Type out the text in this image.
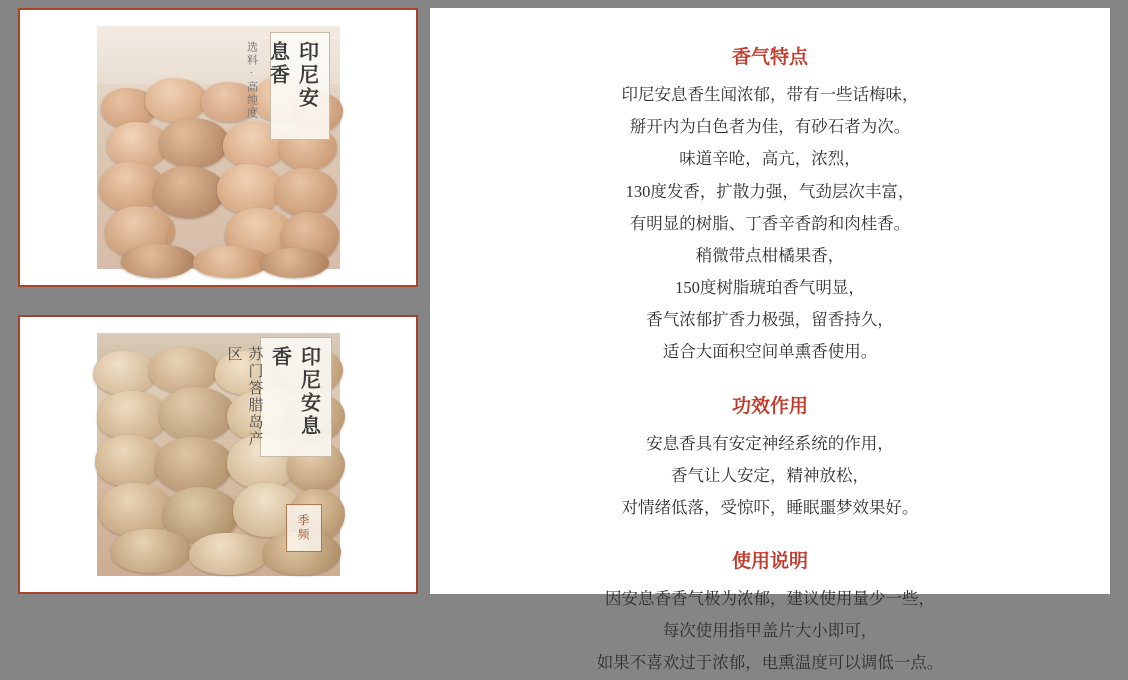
印尼安息香
选料·高纯度
印尼安息香
苏门答腊岛产区
季频
香气特点
印尼安息香生闻浓郁，带有一些话梅味，
掰开内为白色者为佳，有砂石者为次。
味道辛呛，高亢，浓烈，
130度发香，扩散力强，气劲层次丰富，
有明显的树脂、丁香辛香韵和肉桂香。
稍微带点柑橘果香，
150度树脂琥珀香气明显，
香气浓郁扩香力极强，留香持久，
适合大面积空间单熏香使用。
功效作用
安息香具有安定神经系统的作用，
香气让人安定，精神放松，
对情绪低落，受惊吓，睡眠噩梦效果好。
使用说明
因安息香香气极为浓郁，建议使用量少一些，
每次使用指甲盖片大小即可，
如果不喜欢过于浓郁，电熏温度可以调低一点。
